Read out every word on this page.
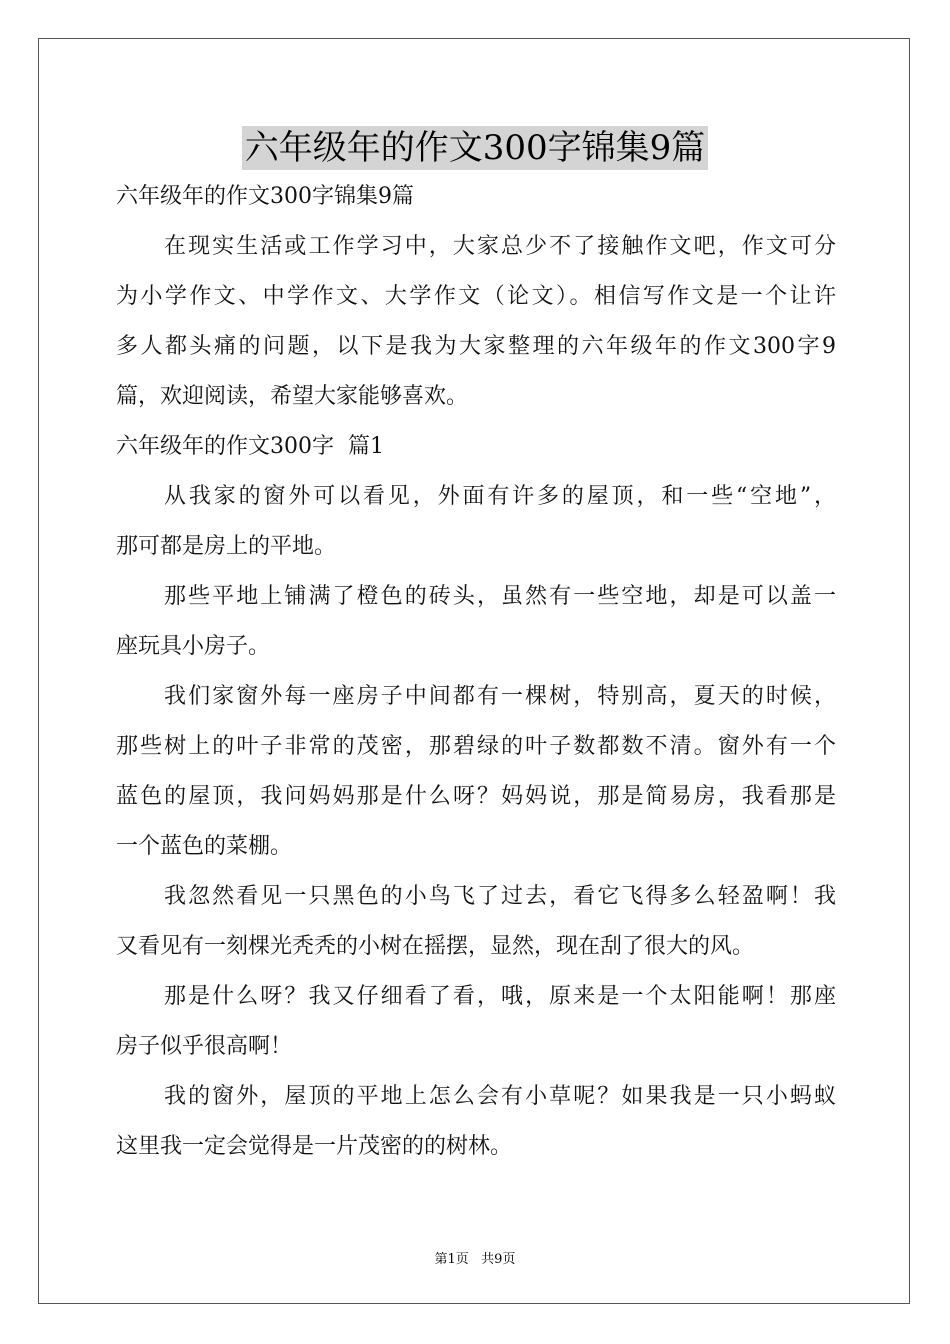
六年级年的作文300字锦集9篇
六年级年的作文300字锦集9篇
在现实生活或工作学习中，大家总少不了接触作文吧，作文可分
为小学作文、中学作文、大学作文（论文）。相信写作文是一个让许
多人都头痛的问题，以下是我为大家整理的六年级年的作文300字9
篇，欢迎阅读，希望大家能够喜欢。
六年级年的作文300字  篇1
从我家的窗外可以看见，外面有许多的屋顶，和一些“空地”，
那可都是房上的平地。
那些平地上铺满了橙色的砖头，虽然有一些空地，却是可以盖一
座玩具小房子。
我们家窗外每一座房子中间都有一棵树，特别高，夏天的时候，
那些树上的叶子非常的茂密，那碧绿的叶子数都数不清。窗外有一个
蓝色的屋顶，我问妈妈那是什么呀？妈妈说，那是简易房，我看那是
一个蓝色的菜棚。
我忽然看见一只黑色的小鸟飞了过去，看它飞得多么轻盈啊！我
又看见有一刻棵光秃秃的小树在摇摆，显然，现在刮了很大的风。
那是什么呀？我又仔细看了看，哦，原来是一个太阳能啊！那座
房子似乎很高啊！
我的窗外，屋顶的平地上怎么会有小草呢？如果我是一只小蚂蚁
这里我一定会觉得是一片茂密的的树林。
第1页   共9页
